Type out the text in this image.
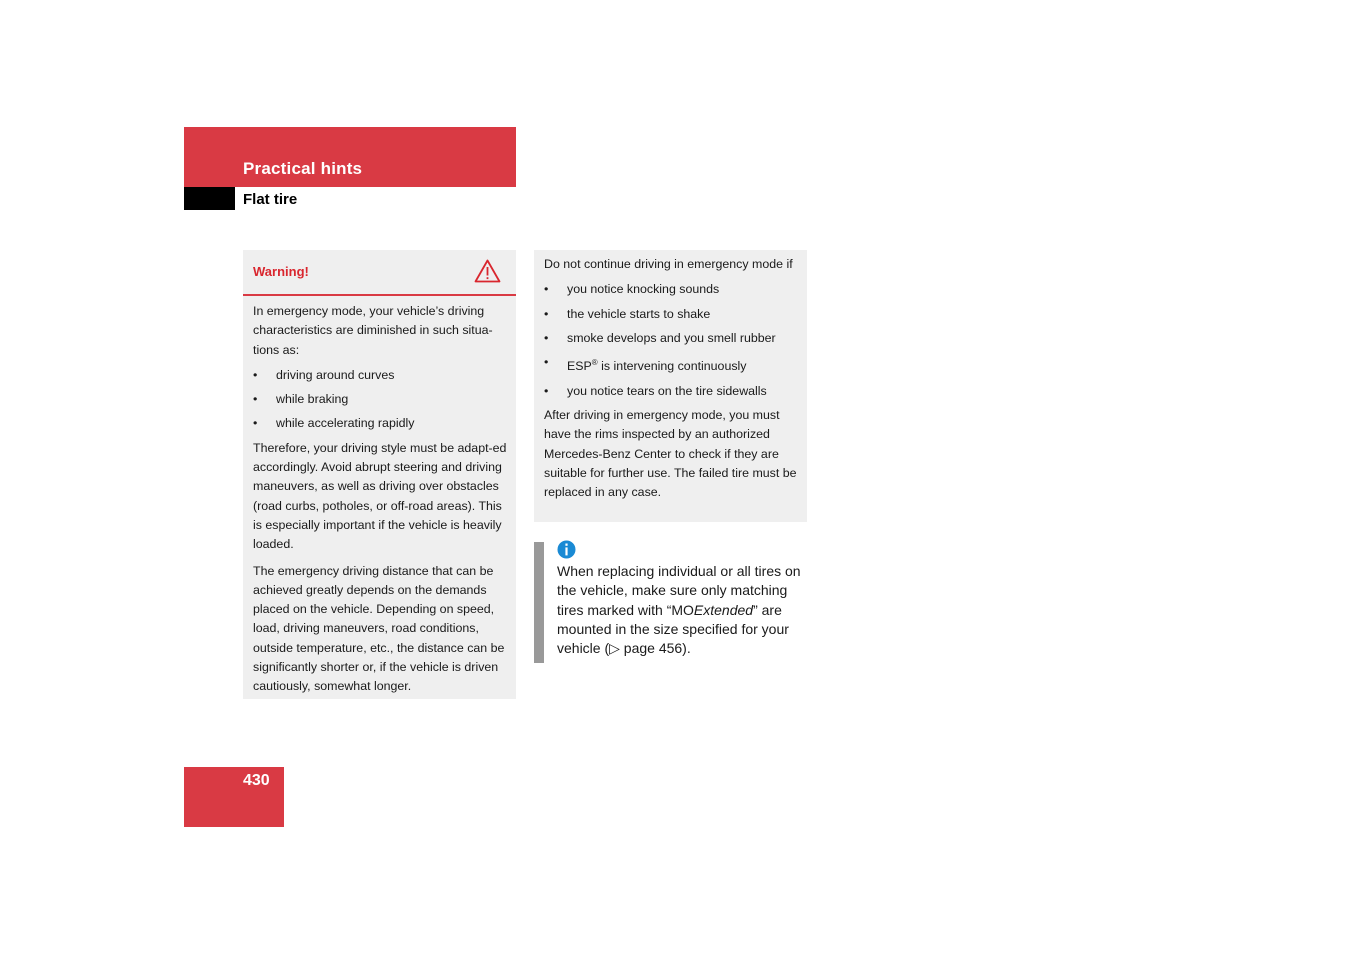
Practical hints
Flat tire
Warning!

In emergency mode, your vehicle’s driving characteristics are diminished in such situa-tions as:

• driving around curves
• while braking
• while accelerating rapidly

Therefore, your driving style must be adapt-ed accordingly. Avoid abrupt steering and driving maneuvers, as well as driving over obstacles (road curbs, potholes, or off-road areas). This is especially important if the vehicle is heavily loaded.

The emergency driving distance that can be achieved greatly depends on the demands placed on the vehicle. Depending on speed, load, driving maneuvers, road conditions, outside temperature, etc., the distance can be significantly shorter or, if the vehicle is driven cautiously, somewhat longer.

Do not continue driving in emergency mode if

• you notice knocking sounds
• the vehicle starts to shake
• smoke develops and you smell rubber
• ESP® is intervening continuously
• you notice tears on the tire sidewalls

After driving in emergency mode, you must have the rims inspected by an authorized Mercedes-Benz Center to check if they are suitable for further use. The failed tire must be replaced in any case.

When replacing individual or all tires on the vehicle, make sure only matching tires marked with “MOExtended” are mounted in the size specified for your vehicle (▷ page 456).
430
